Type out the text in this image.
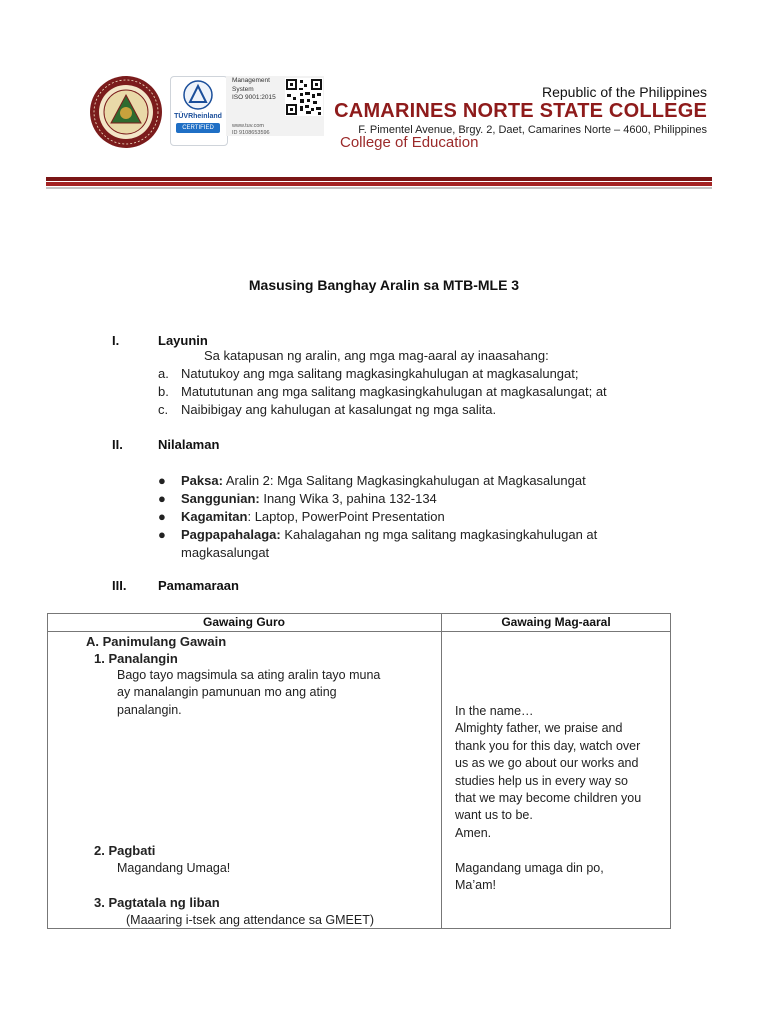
TÜVRheinland
CERTIFIED
Management
System
ISO 9001:2015
www.tuv.com
ID 9108653596
Republic of the Philippines
CAMARINES NORTE STATE COLLEGE
F. Pimentel Avenue, Brgy. 2, Daet, Camarines Norte – 4600, Philippines
College of Education
Masusing Banghay Aralin sa MTB-MLE 3
I.	Layunin
Sa katapusan ng aralin, ang mga mag-aaral ay inaasahang:
a. Natutukoy ang mga salitang magkasingkahulugan at magkasalungat;
b. Matututunan ang mga salitang magkasingkahulugan at magkasalungat; at
c. Naibibigay ang kahulugan at kasalungat ng mga salita.
II.	Nilalaman
● Paksa: Aralin 2: Mga Salitang Magkasingkahulugan at Magkasalungat
● Sanggunian: Inang Wika 3, pahina 132-134
● Kagamitan: Laptop, PowerPoint Presentation
● Pagpapahalaga: Kahalagahan ng mga salitang magkasingkahulugan at
magkasalungat
III. Pamamaraan
Gawaing Guro	Gawaing Mag-aaral
A. Panimulang Gawain
1. Panalangin
Bago tayo magsimula sa ating aralin tayo muna
ay manalangin pamunuan mo ang ating
panalangin.	In the name…
Almighty father, we praise and
thank you for this day, watch over
us as we go about our works and
studies help us in every way so
that we may become children you
want us to be.
Amen.
2. Pagbati
Magandang Umaga!	Magandang umaga din po,
Ma’am!
3. Pagtatala ng liban
(Maaaring i-tsek ang attendance sa GMEET)
